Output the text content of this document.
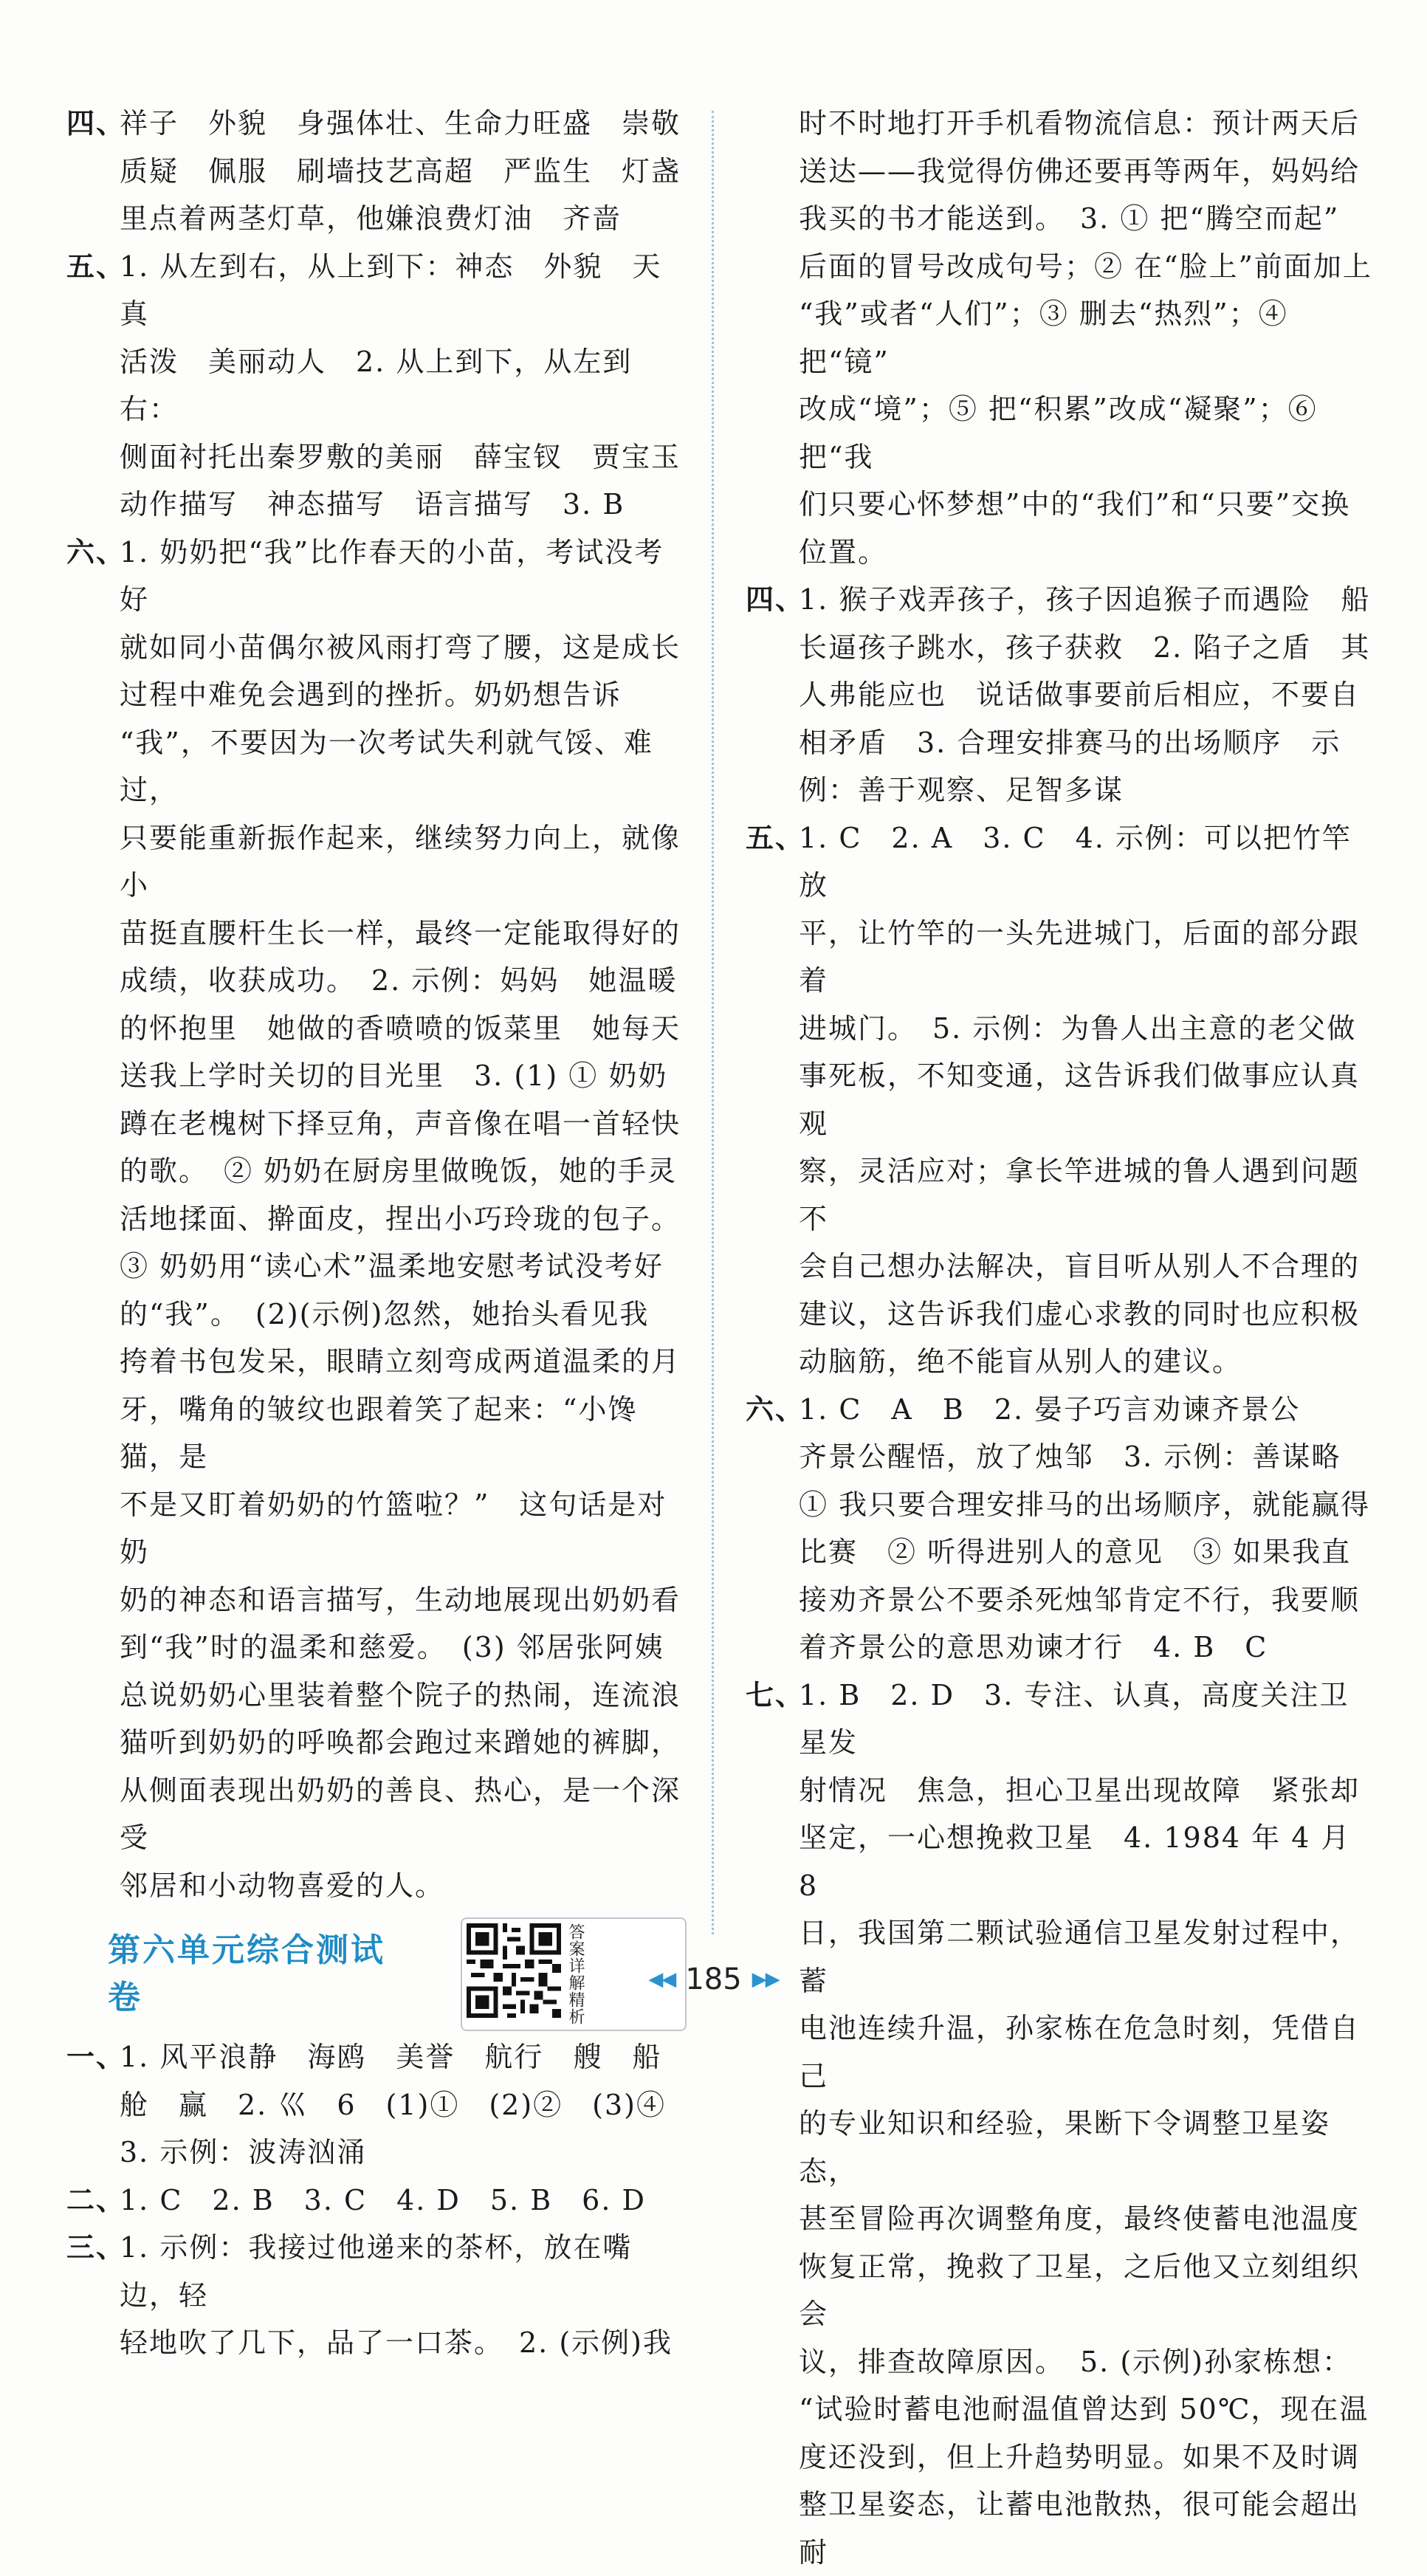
四、
祥子　外貌　身强体壮、生命力旺盛　崇敬
质疑　佩服　刷墙技艺高超　严监生　灯盏
里点着两茎灯草，他嫌浪费灯油　齐啬
五、
1. 从左到右，从上到下：神态　外貌　天真
活泼　美丽动人　2. 从上到下，从左到右：
侧面衬托出秦罗敷的美丽　薛宝钗　贾宝玉
动作描写　神态描写　语言描写　3. B
六、
1. 奶奶把“我”比作春天的小苗，考试没考好
就如同小苗偶尔被风雨打弯了腰，这是成长
过程中难免会遇到的挫折。奶奶想告诉
“我”，不要因为一次考试失利就气馁、难过，
只要能重新振作起来，继续努力向上，就像小
苗挺直腰杆生长一样，最终一定能取得好的
成绩，收获成功。　2. 示例：妈妈　她温暖
的怀抱里　她做的香喷喷的饭菜里　她每天
送我上学时关切的目光里　3. (1) ① 奶奶
蹲在老槐树下择豆角，声音像在唱一首轻快
的歌。　② 奶奶在厨房里做晚饭，她的手灵
活地揉面、擀面皮，捏出小巧玲珑的包子。
③ 奶奶用“读心术”温柔地安慰考试没考好
的“我”。　(2)(示例)忽然，她抬头看见我
挎着书包发呆，眼睛立刻弯成两道温柔的月
牙，嘴角的皱纹也跟着笑了起来：“小馋猫，是
不是又盯着奶奶的竹篮啦？”　这句话是对奶
奶的神态和语言描写，生动地展现出奶奶看
到“我”时的温柔和慈爱。　(3) 邻居张阿姨
总说奶奶心里装着整个院子的热闹，连流浪
猫听到奶奶的呼唤都会跑过来蹭她的裤脚，
从侧面表现出奶奶的善良、热心，是一个深受
邻居和小动物喜爱的人。
第六单元综合测试卷	答案详解精析
一、
1. 风平浪静　海鸥　美誉　航行　艘　船
舱　赢　2. 巛　6　(1)①　(2)②　(3)④
3. 示例：波涛汹涌
二、
1. C　2. B　3. C　4. D　5. B　6. D
三、
1. 示例：我接过他递来的茶杯，放在嘴边，轻
轻地吹了几下，品了一口茶。　2. (示例)我
时不时地打开手机看物流信息：预计两天后
送达——我觉得仿佛还要再等两年，妈妈给
我买的书才能送到。　3. ① 把“腾空而起”
后面的冒号改成句号；② 在“脸上”前面加上
“我”或者“人们”；③ 删去“热烈”；④ 把“镜”
改成“境”；⑤ 把“积累”改成“凝聚”；⑥ 把“我
们只要心怀梦想”中的“我们”和“只要”交换
位置。
四、
1. 猴子戏弄孩子，孩子因追猴子而遇险　船
长逼孩子跳水，孩子获救　2. 陷子之盾　其
人弗能应也　说话做事要前后相应，不要自
相矛盾　3. 合理安排赛马的出场顺序　示
例：善于观察、足智多谋
五、
1. C　2. A　3. C　4. 示例：可以把竹竿放
平，让竹竿的一头先进城门，后面的部分跟着
进城门。　5. 示例：为鲁人出主意的老父做
事死板，不知变通，这告诉我们做事应认真观
察，灵活应对；拿长竿进城的鲁人遇到问题不
会自己想办法解决，盲目听从别人不合理的
建议，这告诉我们虚心求教的同时也应积极
动脑筋，绝不能盲从别人的建议。
六、
1. C　A　B　2. 晏子巧言劝谏齐景公
齐景公醒悟，放了烛邹　3. 示例：善谋略
① 我只要合理安排马的出场顺序，就能赢得
比赛　② 听得进别人的意见　③ 如果我直
接劝齐景公不要杀死烛邹肯定不行，我要顺
着齐景公的意思劝谏才行　4. B　C
七、
1. B　2. D　3. 专注、认真，高度关注卫星发
射情况　焦急，担心卫星出现故障　紧张却
坚定，一心想挽救卫星　4. 1984 年 4 月 8
日，我国第二颗试验通信卫星发射过程中，蓄
电池连续升温，孙家栋在危急时刻，凭借自己
的专业知识和经验，果断下令调整卫星姿态，
甚至冒险再次调整角度，最终使蓄电池温度
恢复正常，挽救了卫星，之后他又立刻组织会
议，排查故障原因。　5. (示例)孙家栋想：
“试验时蓄电池耐温值曾达到 50℃，现在温
度还没到，但上升趋势明显。如果不及时调
整卫星姿态，让蓄电池散热，很可能会超出耐
◀◀ 185 ▶▶
